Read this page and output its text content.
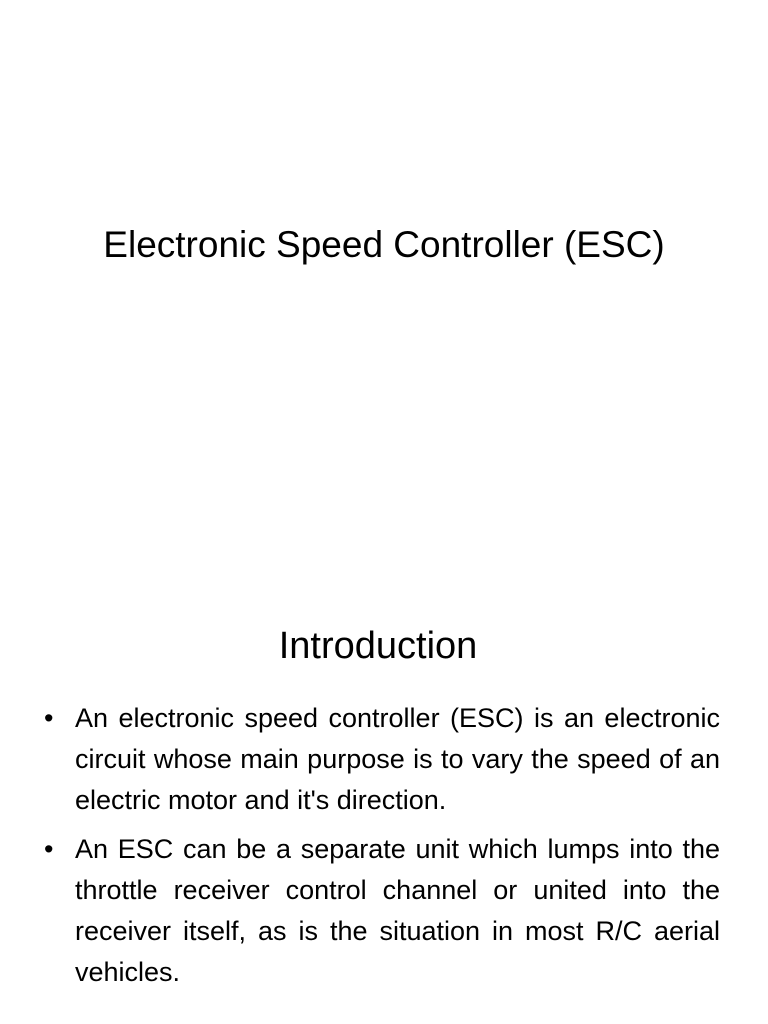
Electronic Speed Controller (ESC)
Introduction
• An electronic speed controller (ESC) is an electronic circuit whose main purpose is to vary the speed of an electric motor and it's direction.
• An ESC can be a separate unit which lumps into the throttle receiver control channel or united into the receiver itself, as is the situation in most R/C aerial vehicles.
